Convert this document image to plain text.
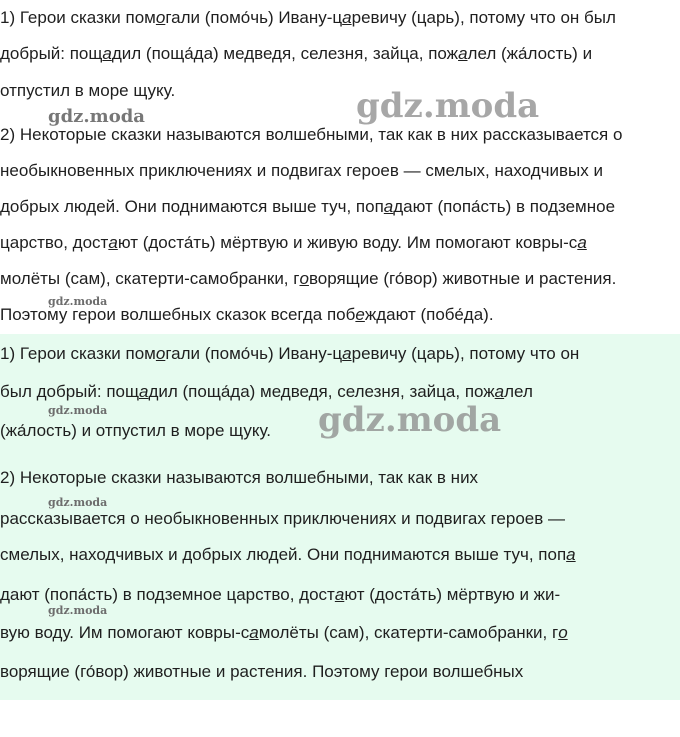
1) Герои сказки помогали (помо́чь) Ивану-царевичу (царь), потому что он был
добрый: пощадил (поща́да) медведя, селезня, зайца, пожалел (жа́лость) и
отпустил в море щуку.
2) Некоторые сказки называются волшебными, так как в них рассказывается о
необыкновенных приключениях и подвигах героев — смелых, находчивых и
добрых людей. Они поднимаются выше туч, попадают (попа́сть) в подземное
царство, достают (доста́ть) мёртвую и живую воду. Им помогают ковры-са
молёты (сам), скатерти-самобранки, говорящие (го́вор) животные и растения.
Поэтому герои волшебных сказок всегда побеждают (побе́да).
gdz.moda	gdz.moda
gdz.moda
1) Герои сказки помогали (помо́чь) Ивану-царевичу (царь), потому что он
был добрый: пощадил (поща́да) медведя, селезня, зайца, пожалел
(жа́лость) и отпустил в море щуку.
2) Некоторые сказки называются волшебными, так как в них
рассказывается о необыкновенных приключениях и подвигах героев —
смелых, находчивых и добрых людей. Они поднимаются выше туч, попа
дают (попа́сть) в подземное царство, достают (доста́ть) мёртвую и жи-
вую воду. Им помогают ковры-самолёты (сам), скатерти-самобранки, го
ворящие (го́вор) животные и растения. Поэтому герои волшебных
gdz.moda	gdz.moda
gdz.moda
gdz.moda
